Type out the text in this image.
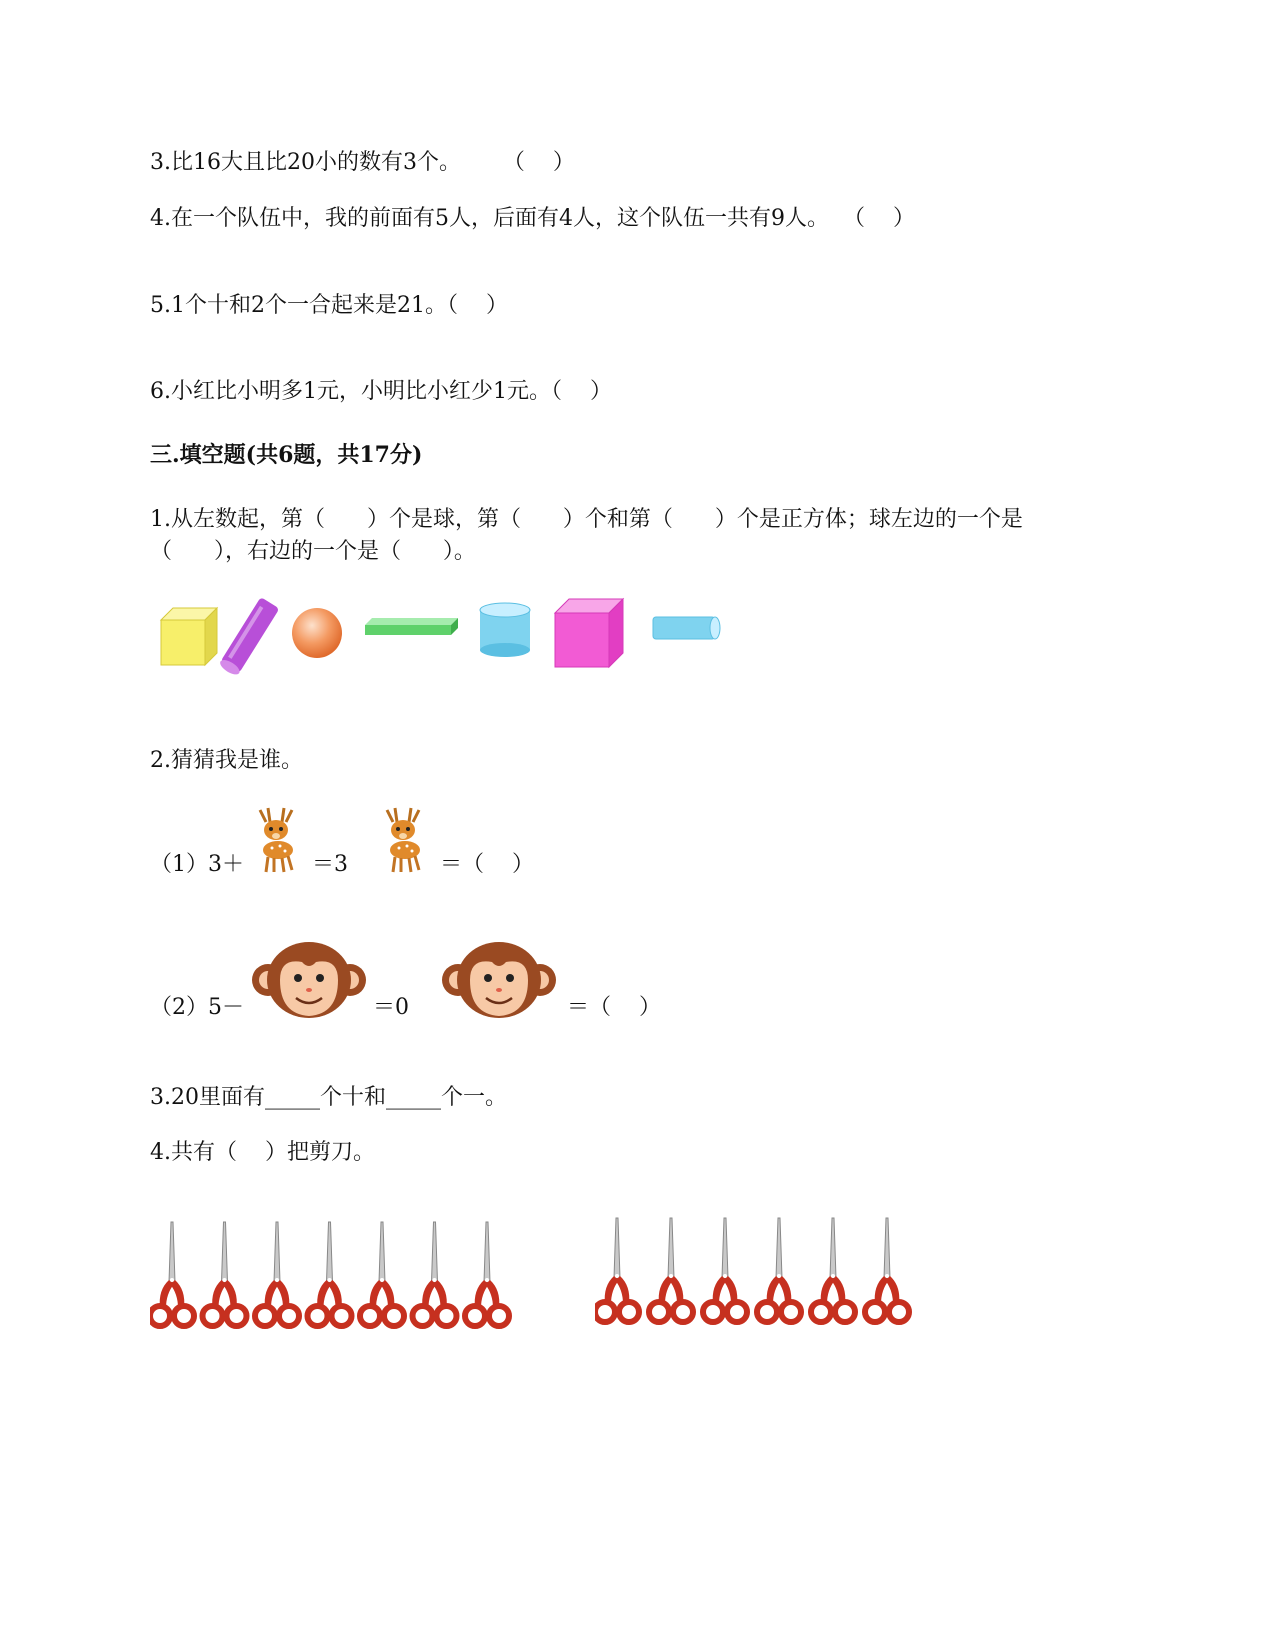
3.比16大且比20小的数有3个。      （    ）
4.在一个队伍中，我的前面有5人，后面有4人，这个队伍一共有9人。  （    ）
5.1个十和2个一合起来是21。（    ）
6.小红比小明多1元，小明比小红少1元。（    ）
三.填空题(共6题，共17分)
1.从左数起，第（      ）个是球，第（      ）个和第（      ）个是正方体；球左边的一个是
（      ），右边的一个是（      ）。
2.猜猜我是谁。
（1）3＋	＝3	＝（    ）
（2）5－	＝0	＝（    ）
3.20里面有_____个十和_____个一。
4.共有（    ）把剪刀。
